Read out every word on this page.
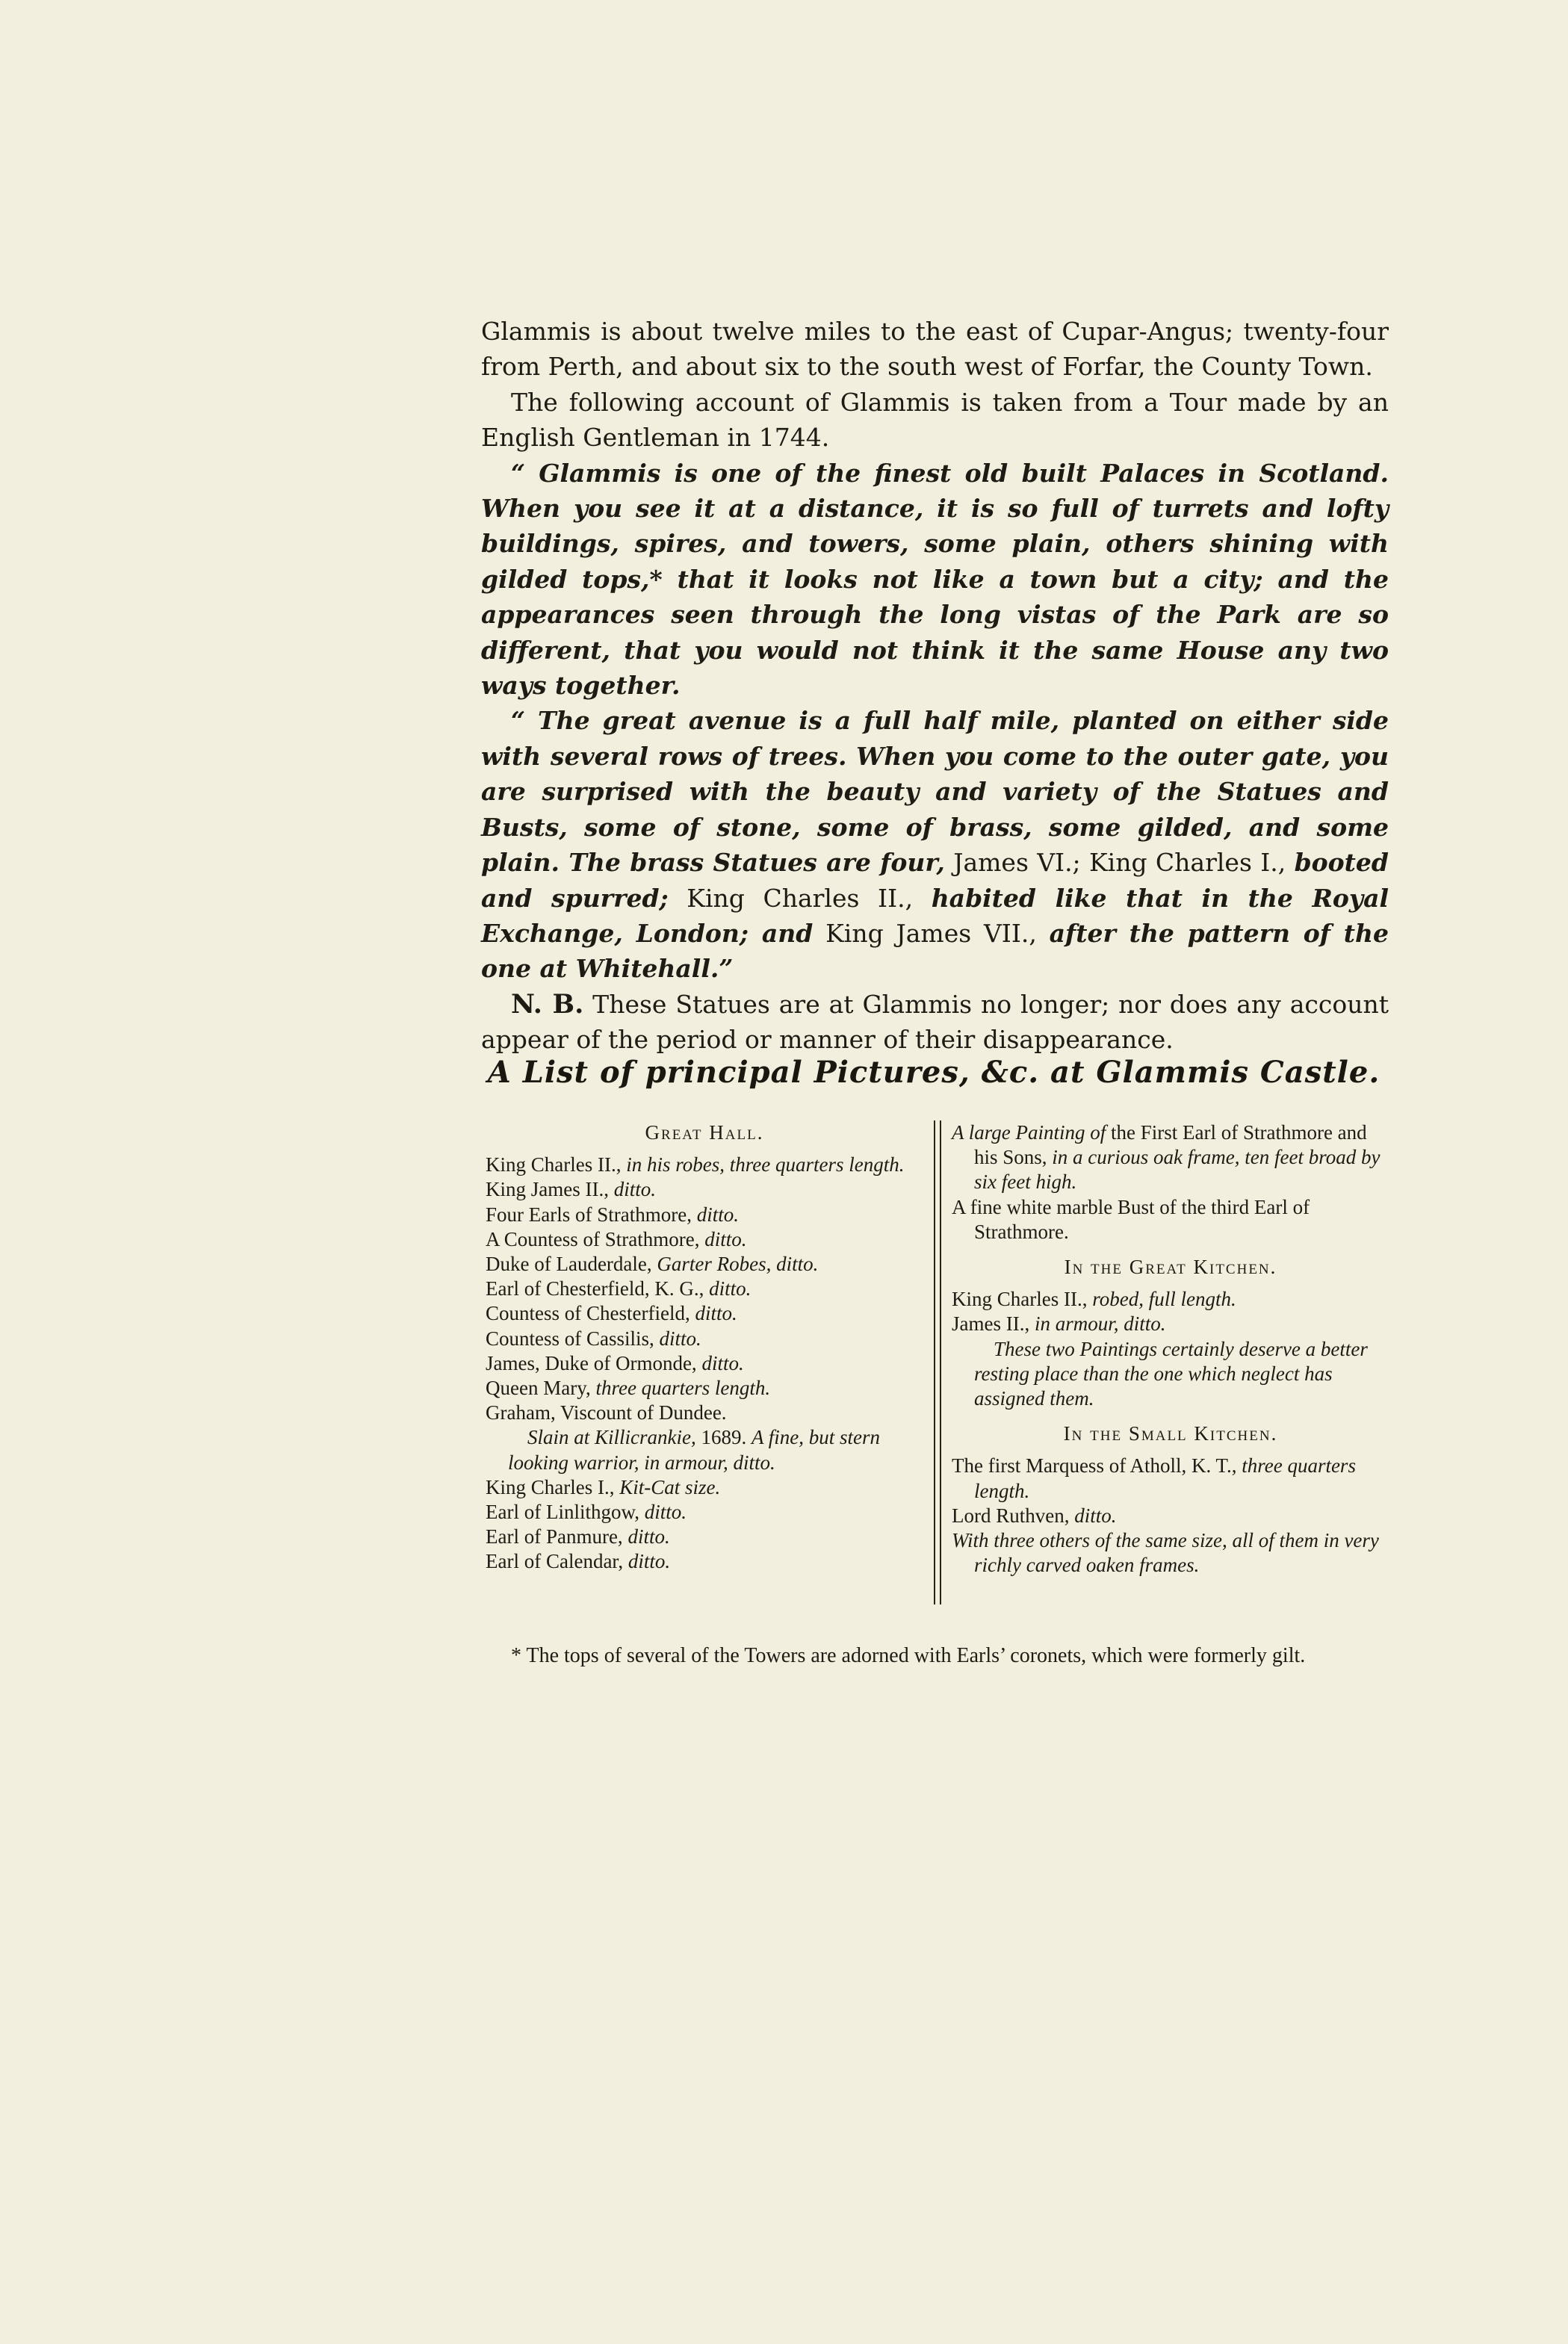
Glammis is about twelve miles to the east of Cupar-Angus; twenty-four from Perth, and about six to the south west of Forfar, the County Town.

The following account of Glammis is taken from a Tour made by an English Gentleman in 1744.

“ Glammis is one of the finest old built Palaces in Scotland. When you see it at a distance, it is so full of turrets and lofty buildings, spires, and towers, some plain, others shining with gilded tops,* that it looks not like a town but a city; and the appearances seen through the long vistas of the Park are so different, that you would not think it the same House any two ways together.

“ The great avenue is a full half mile, planted on either side with several rows of trees. When you come to the outer gate, you are surprised with the beauty and variety of the Statues and Busts, some of stone, some of brass, some gilded, and some plain. The brass Statues are four, James VI.; King Charles I., booted and spurred; King Charles II., habited like that in the Royal Exchange, London; and King James VII., after the pattern of the one at Whitehall.”

N. B. These Statues are at Glammis no longer; nor does any account appear of the period or manner of their disappearance.

A List of principal Pictures, &c. at Glammis Castle.

Great Hall.

King Charles II., in his robes, three quarters length.

King James II., ditto.

Four Earls of Strathmore, ditto.

A Countess of Strathmore, ditto.

Duke of Lauderdale, Garter Robes, ditto.

Earl of Chesterfield, K. G., ditto.

Countess of Chesterfield, ditto.

Countess of Cassilis, ditto.

James, Duke of Ormonde, ditto.

Queen Mary, three quarters length.

Graham, Viscount of Dundee.

Slain at Killicrankie, 1689. A fine, but stern looking warrior, in armour, ditto.

King Charles I., Kit-Cat size.

Earl of Linlithgow, ditto.

Earl of Panmure, ditto.

Earl of Calendar, ditto.

A large Painting of the First Earl of Strathmore and his Sons, in a curious oak frame, ten feet broad by six feet high.

A fine white marble Bust of the third Earl of Strathmore.

In the Great Kitchen.

King Charles II., robed, full length.

James II., in armour, ditto.

These two Paintings certainly deserve a better resting place than the one which neglect has assigned them.

In the Small Kitchen.

The first Marquess of Atholl, K. T., three quarters length.

Lord Ruthven, ditto.

With three others of the same size, all of them in very richly carved oaken frames.

* The tops of several of the Towers are adorned with Earls’ coronets, which were formerly gilt.
